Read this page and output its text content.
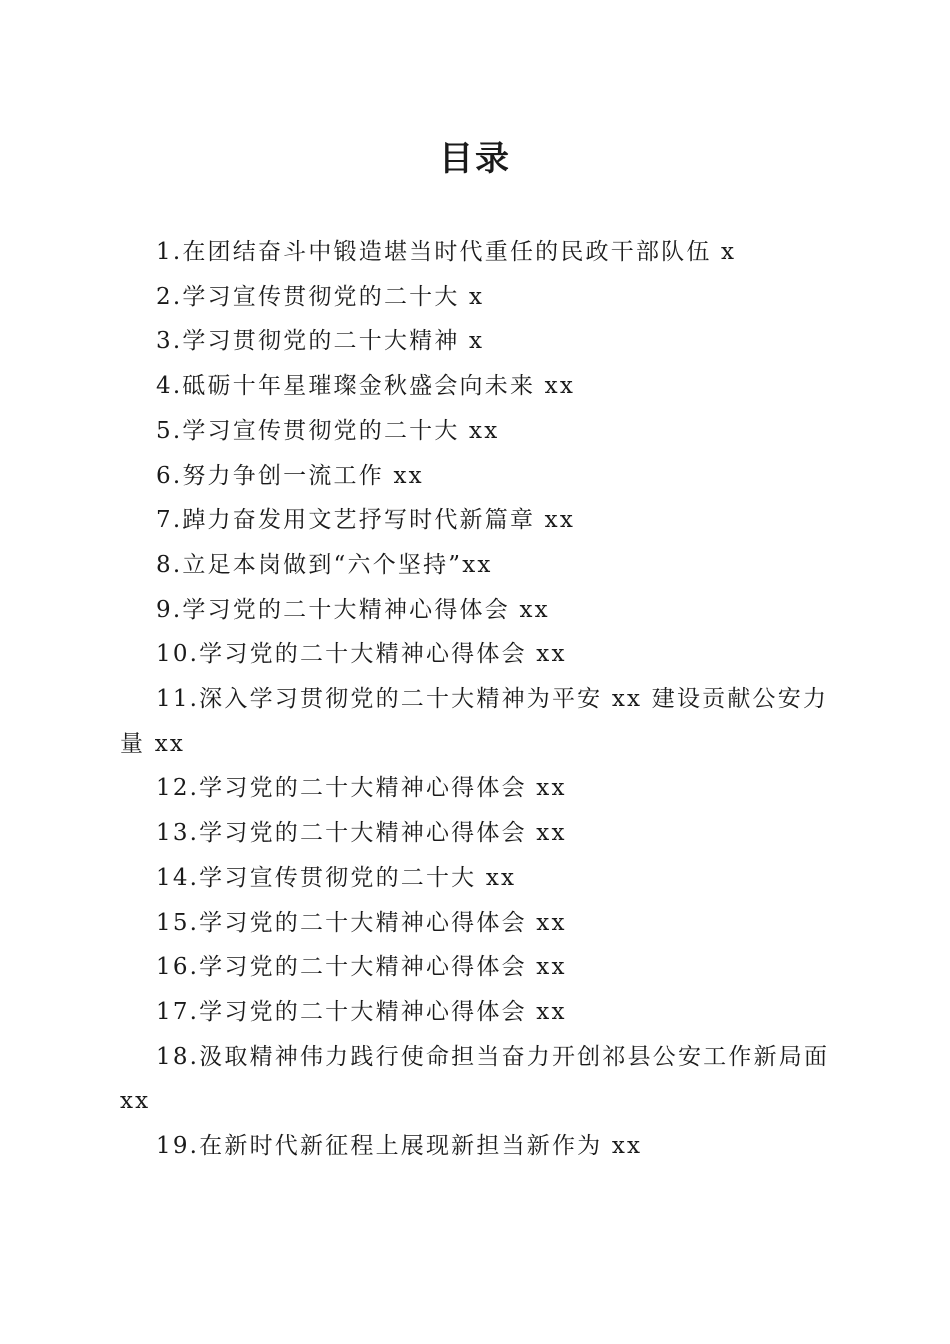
目录
1.在团结奋斗中锻造堪当时代重任的民政干部队伍 x
2.学习宣传贯彻党的二十大 x
3.学习贯彻党的二十大精神 x
4.砥砺十年星璀璨金秋盛会向未来 xx
5.学习宣传贯彻党的二十大 xx
6.努力争创一流工作 xx
7.踔力奋发用文艺抒写时代新篇章 xx
8.立足本岗做到“六个坚持”xx
9.学习党的二十大精神心得体会 xx
10.学习党的二十大精神心得体会 xx
11.深入学习贯彻党的二十大精神为平安 xx 建设贡献公安力量 xx
12.学习党的二十大精神心得体会 xx
13.学习党的二十大精神心得体会 xx
14.学习宣传贯彻党的二十大 xx
15.学习党的二十大精神心得体会 xx
16.学习党的二十大精神心得体会 xx
17.学习党的二十大精神心得体会 xx
18.汲取精神伟力践行使命担当奋力开创祁县公安工作新局面 xx
19.在新时代新征程上展现新担当新作为 xx
